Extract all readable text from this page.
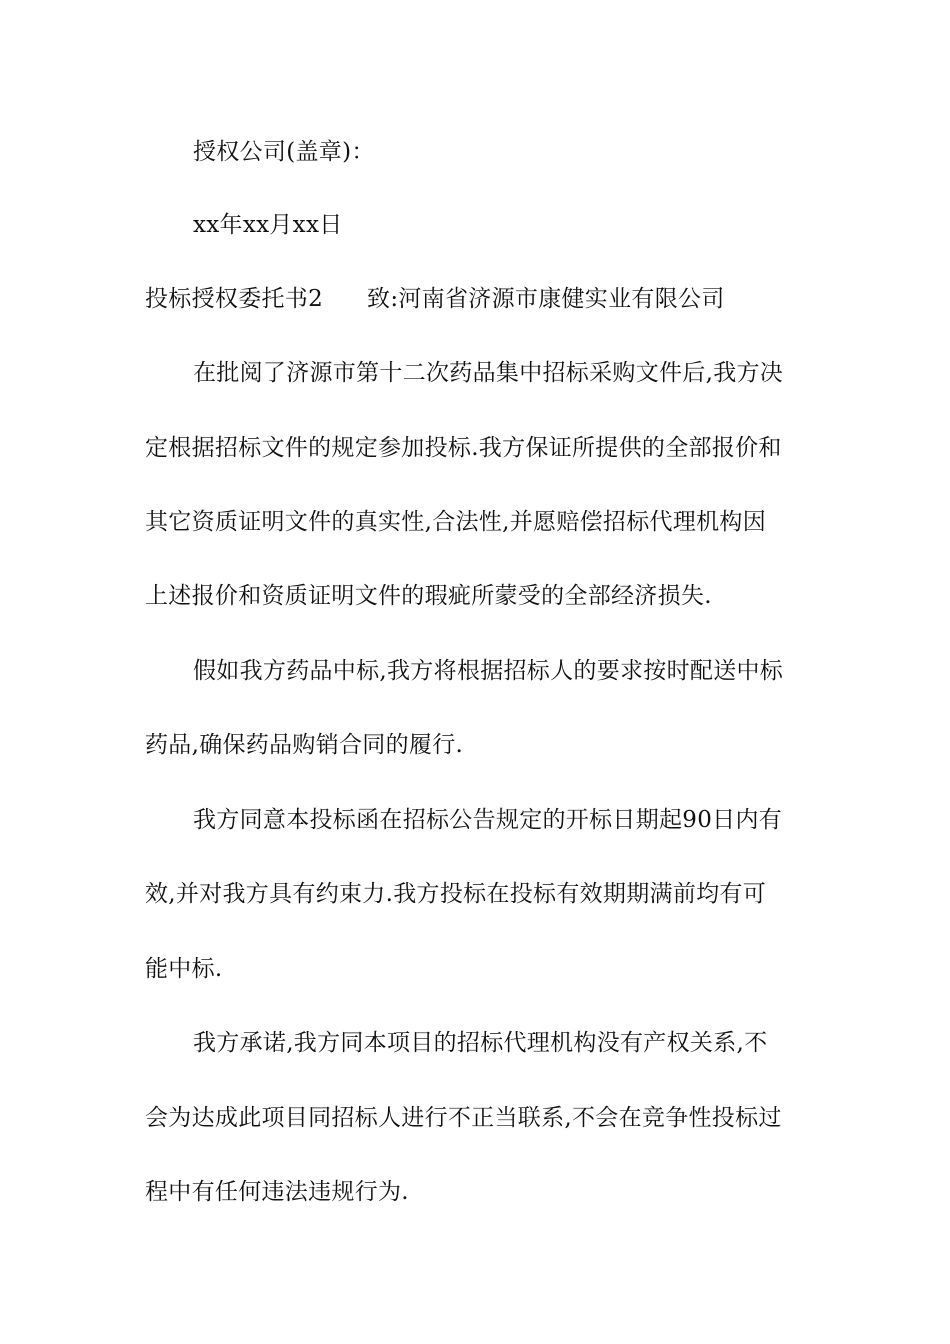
授权公司(盖章)：
xx年xx月xx日
投标授权委托书2 致:河南省济源市康健实业有限公司
在批阅了济源市第十二次药品集中招标采购文件后,我方决
定根据招标文件的规定参加投标.我方保证所提供的全部报价和
其它资质证明文件的真实性,合法性,并愿赔偿招标代理机构因
上述报价和资质证明文件的瑕疵所蒙受的全部经济损失.
假如我方药品中标,我方将根据招标人的要求按时配送中标
药品,确保药品购销合同的履行.
我方同意本投标函在招标公告规定的开标日期起90日内有
效,并对我方具有约束力.我方投标在投标有效期期满前均有可
能中标.
我方承诺,我方同本项目的招标代理机构没有产权关系,不
会为达成此项目同招标人进行不正当联系,不会在竞争性投标过
程中有任何违法违规行为.
